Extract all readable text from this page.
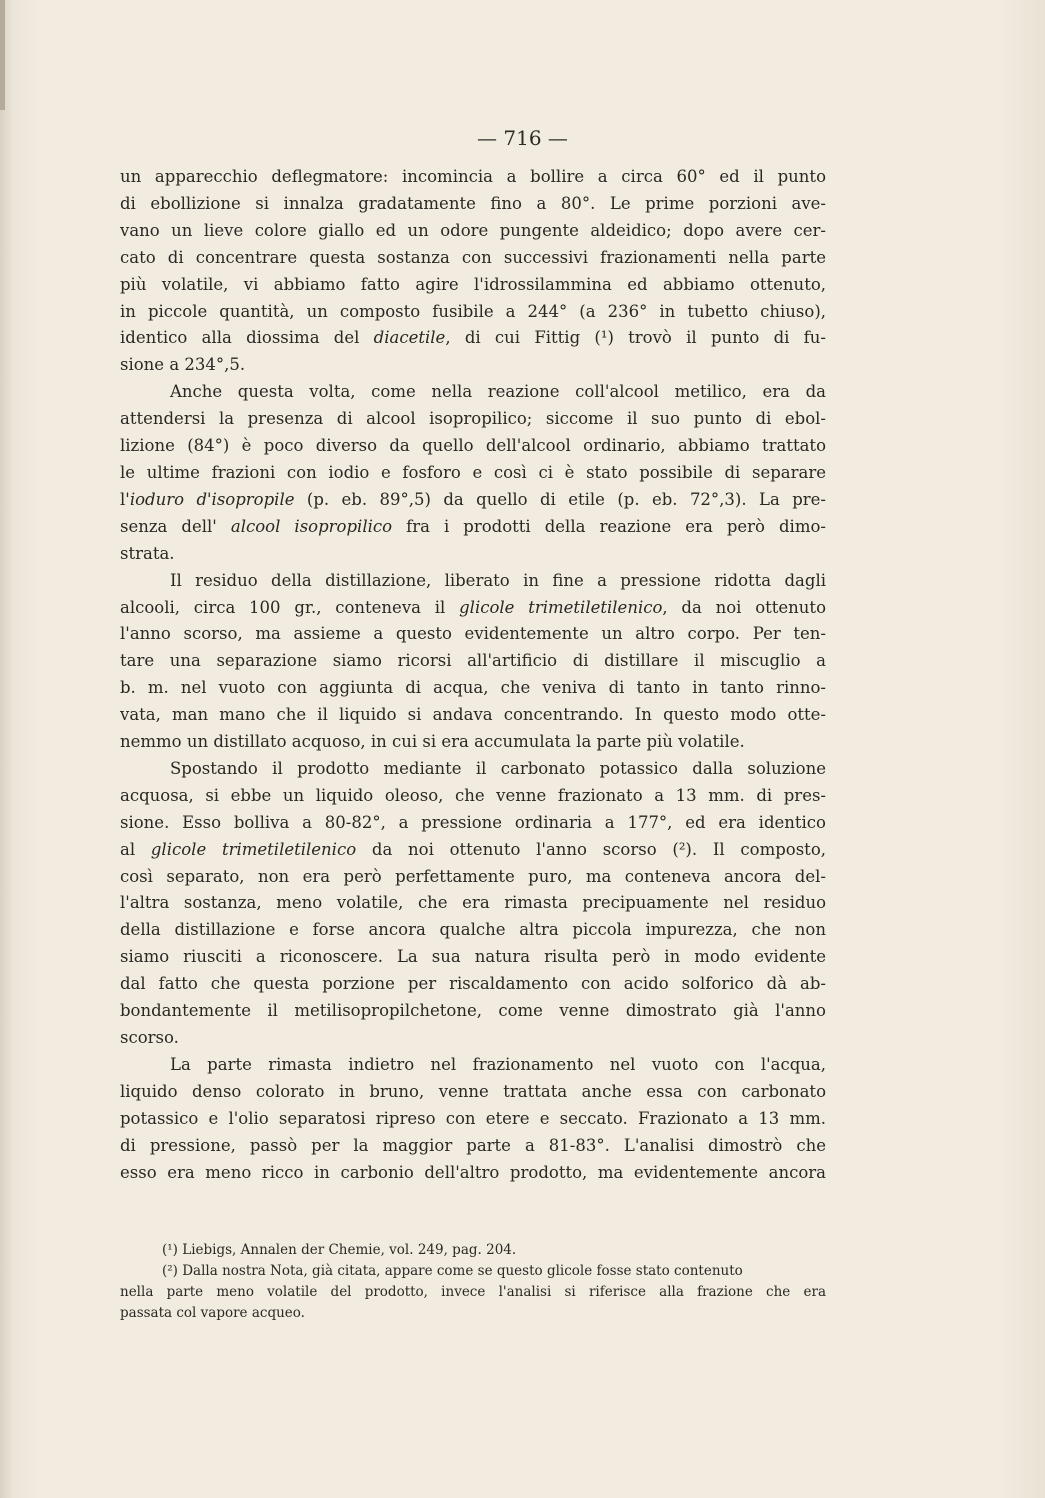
— 716 —

un apparecchio deflegmatore: incomincia a bollire a circa 60° ed il punto
di ebollizione si innalza gradatamente fino a 80°. Le prime porzioni ave-
vano un lieve colore giallo ed un odore pungente aldeidico; dopo avere cer-
cato di concentrare questa sostanza con successivi frazionamenti nella parte
più volatile, vi abbiamo fatto agire l'idrossilammina ed abbiamo ottenuto,
in piccole quantità, un composto fusibile a 244° (a 236° in tubetto chiuso),
identico alla diossima del diacetile, di cui Fittig (¹) trovò il punto di fu-
sione a 234°,5.

Anche questa volta, come nella reazione coll'alcool metilico, era da
attendersi la presenza di alcool isopropilico; siccome il suo punto di ebol-
lizione (84°) è poco diverso da quello dell'alcool ordinario, abbiamo trattato
le ultime frazioni con iodio e fosforo e così ci è stato possibile di separare
l'ioduro d'isopropile (p. eb. 89°,5) da quello di etile (p. eb. 72°,3). La pre-
senza dell' alcool isopropilico fra i prodotti della reazione era però dimo-
strata.

Il residuo della distillazione, liberato in fine a pressione ridotta dagli
alcooli, circa 100 gr., conteneva il glicole trimetiletilenico, da noi ottenuto
l'anno scorso, ma assieme a questo evidentemente un altro corpo. Per ten-
tare una separazione siamo ricorsi all'artificio di distillare il miscuglio a
b. m. nel vuoto con aggiunta di acqua, che veniva di tanto in tanto rinno-
vata, man mano che il liquido si andava concentrando. In questo modo otte-
nemmo un distillato acquoso, in cui si era accumulata la parte più volatile.

Spostando il prodotto mediante il carbonato potassico dalla soluzione
acquosa, si ebbe un liquido oleoso, che venne frazionato a 13 mm. di pres-
sione. Esso bolliva a 80-82°, a pressione ordinaria a 177°, ed era identico
al glicole trimetiletilenico da noi ottenuto l'anno scorso (²). Il composto,
così separato, non era però perfettamente puro, ma conteneva ancora del-
l'altra sostanza, meno volatile, che era rimasta precipuamente nel residuo
della distillazione e forse ancora qualche altra piccola impurezza, che non
siamo riusciti a riconoscere. La sua natura risulta però in modo evidente
dal fatto che questa porzione per riscaldamento con acido solforico dà ab-
bondantemente il metilisopropilchetone, come venne dimostrato già l'anno
scorso.

La parte rimasta indietro nel frazionamento nel vuoto con l'acqua,
liquido denso colorato in bruno, venne trattata anche essa con carbonato
potassico e l'olio separatosi ripreso con etere e seccato. Frazionato a 13 mm.
di pressione, passò per la maggior parte a 81-83°. L'analisi dimostrò che
esso era meno ricco in carbonio dell'altro prodotto, ma evidentemente ancora

(¹) Liebigs, Annalen der Chemie, vol. 249, pag. 204.
(²) Dalla nostra Nota, già citata, appare come se questo glicole fosse stato contenuto
nella parte meno volatile del prodotto, invece l'analisi si riferisce alla frazione che era
passata col vapore acqueo.
